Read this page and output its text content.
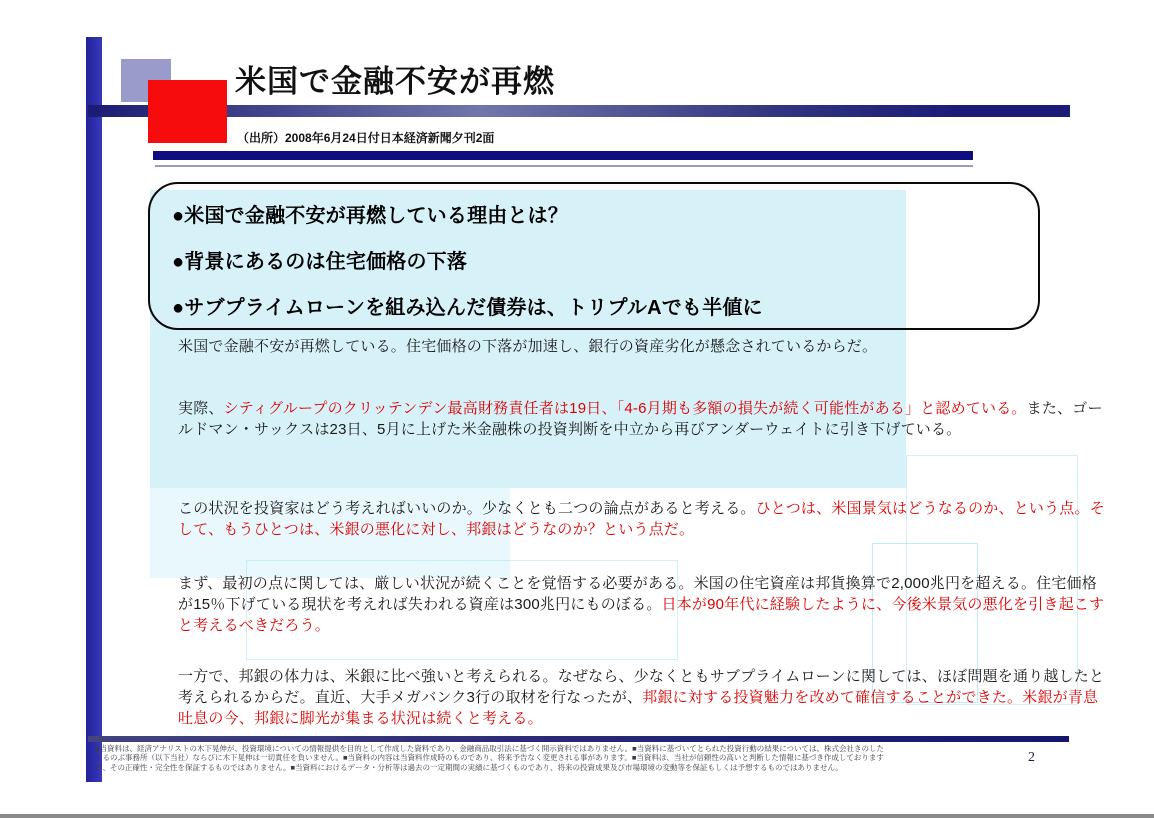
米国で金融不安が再燃
（出所）2008年6月24日付日本経済新聞夕刊2面
●米国で金融不安が再燃している理由とは？
●背景にあるのは住宅価格の下落
●サブプライムローンを組み込んだ債券は、トリプルAでも半値に

米国で金融不安が再燃している。住宅価格の下落が加速し、銀行の資産劣化が懸念されているからだ。

実際、シティグループのクリッテンデン最高財務責任者は19日、「4-6月期も多額の損失が続く可能性がある」と認めている。また、ゴールドマン・サックスは23日、5月に上げた米金融株の投資判断を中立から再びアンダーウェイトに引き下げている。

この状況を投資家はどう考えればいいのか。少なくとも二つの論点があると考える。ひとつは、米国景気はどうなるのか、という点。そして、もうひとつは、米銀の悪化に対し、邦銀はどうなのか？という点だ。

まず、最初の点に関しては、厳しい状況が続くことを覚悟する必要がある。米国の住宅資産は邦貨換算で2,000兆円を超える。住宅価格が15％下げている現状を考えれば失われる資産は300兆円にものぼる。日本が90年代に経験したように、今後米景気の悪化を引き起こすと考えるべきだろう。

一方で、邦銀の体力は、米銀に比べ強いと考えられる。なぜなら、少なくともサブプライムローンに関しては、ほぼ問題を通り越したと考えられるからだ。直近、大手メガバンク3行の取材を行なったが、邦銀に対する投資魅力を改めて確信することができた。米銀が青息吐息の今、邦銀に脚光が集まる状況は続くと考える。

■当資料は、経済アナリストの木下晃伸が、投資環境についての情報提供を目的として作成した資料であり、金融商品取引法に基づく開示資料ではありません。■当資料に基づいてとられた投資行動の結果については、株式会社きのした
てるのぶ事務所（以下当社）ならびに木下晃伸は一切責任を負いません。■当資料の内容は当資料作成時のものであり、将来予告なく変更される事があります。■当資料は、当社が信頼性の高いと判断した情報に基づき作成しております
が、その正確性・完全性を保証するものではありません。■当資料におけるデータ・分析等は過去の一定期間の実績に基づくものであり、将来の投資成果及び市場環境の変動等を保証もしくは予想するものではありません。
2
